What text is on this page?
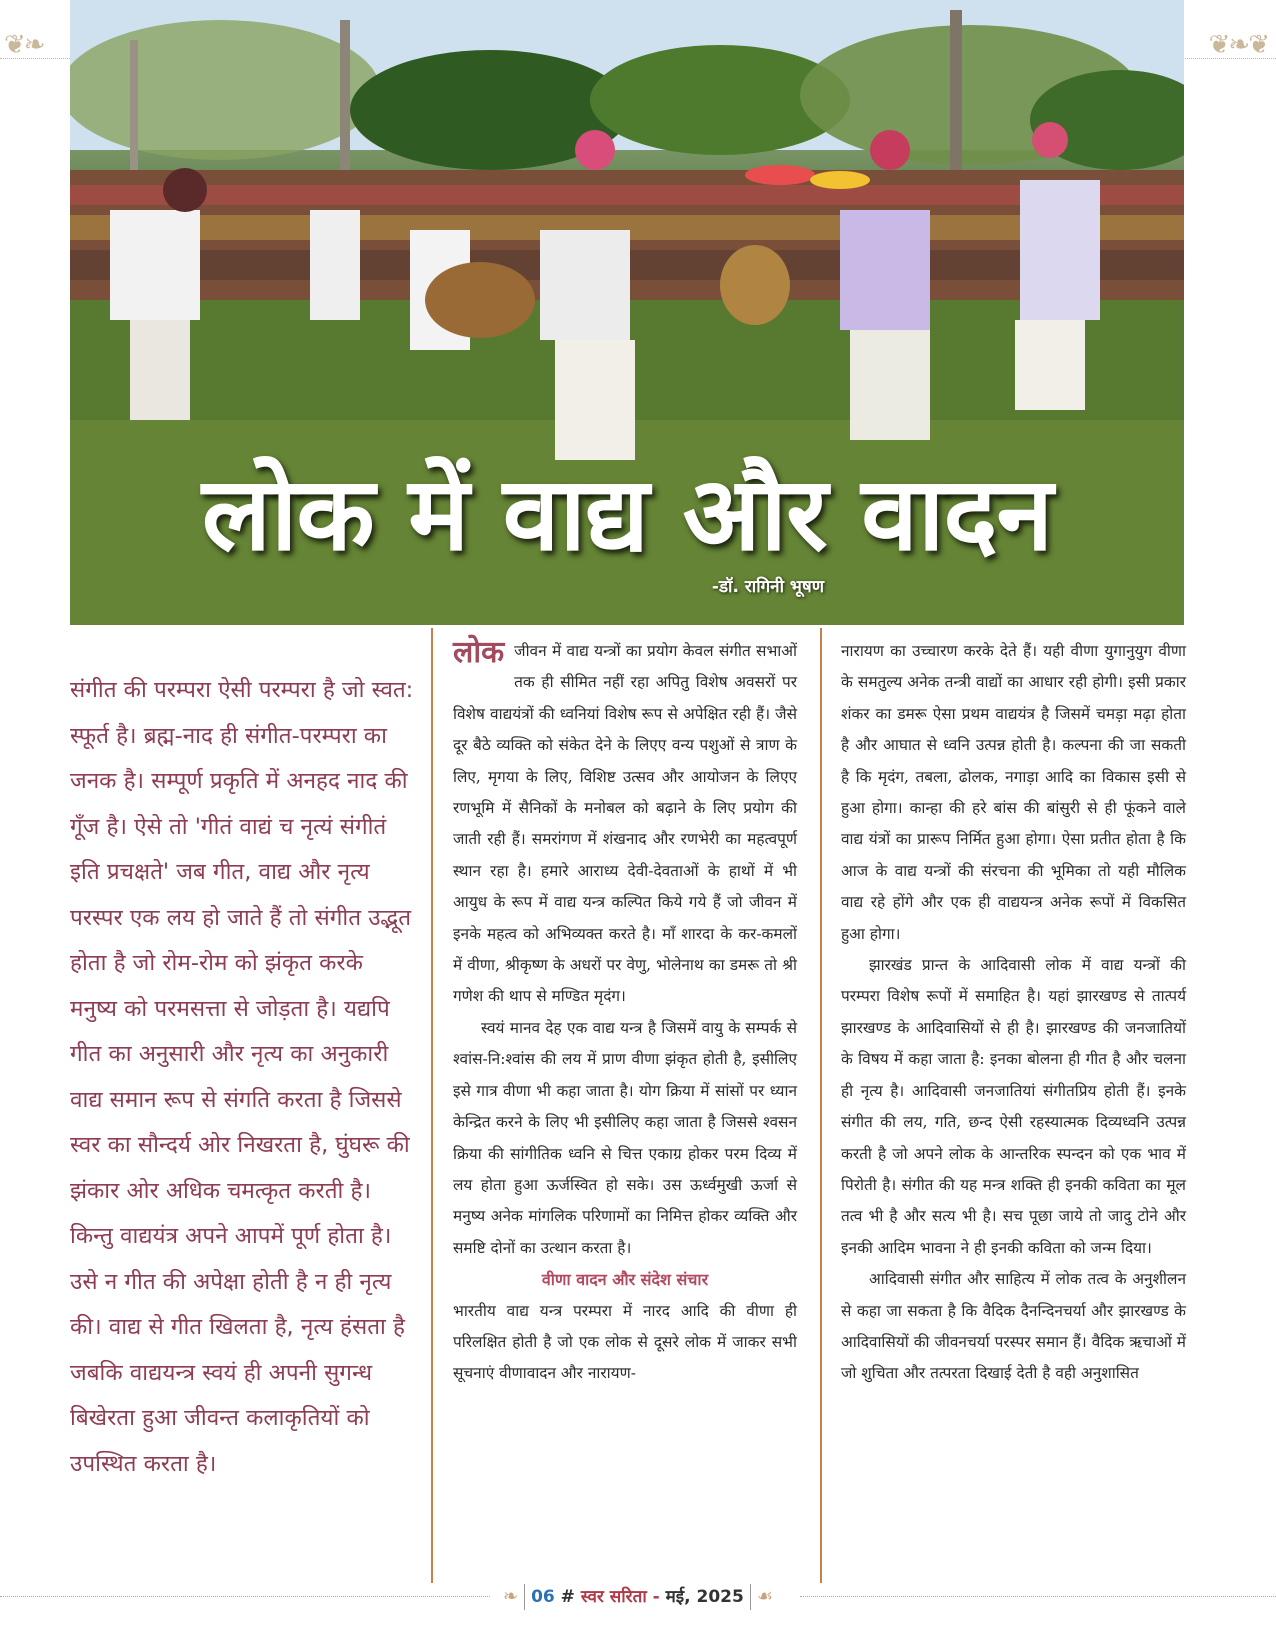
❦❧	❦❧❦
लोक में वाद्य और वादन
-डॉ. रागिनी भूषण
संगीत की परम्परा ऐसी परम्परा है जो स्वत: स्फूर्त है। ब्रह्म-नाद ही संगीत-परम्परा का जनक है। सम्पूर्ण प्रकृति में अनहद नाद की गूँज है। ऐसे तो 'गीतं वाद्यं च नृत्यं संगीतं इति प्रचक्षते' जब गीत, वाद्य और नृत्य परस्पर एक लय हो जाते हैं तो संगीत उद्भूत होता है जो रोम-रोम को झंकृत करके मनुष्य को परमसत्ता से जोड़ता है। यद्यपि गीत का अनुसारी और नृत्य का अनुकारी वाद्य समान रूप से संगति करता है जिससे स्वर का सौन्दर्य ओर निखरता है, घुंघरू की झंकार ओर अधिक चमत्कृत करती है। किन्तु वाद्ययंत्र अपने आपमें पूर्ण होता है। उसे न गीत की अपेक्षा होती है न ही नृत्य की। वाद्य से गीत खिलता है, नृत्य हंसता है जबकि वाद्ययन्त्र स्वयं ही अपनी सुगन्ध बिखेरता हुआ जीवन्त कलाकृतियों को उपस्थित करता है।

लोक जीवन में वाद्य यन्त्रों का प्रयोग केवल संगीत सभाओं तक ही सीमित नहीं रहा अपितु विशेष अवसरों पर विशेष वाद्ययंत्रों की ध्वनियां विशेष रूप से अपेक्षित रही हैं। जैसे दूर बैठे व्यक्ति को संकेत देने के लिएए वन्य पशुओं से त्राण के लिए, मृगया के लिए, विशिष्ट उत्सव और आयोजन के लिएए रणभूमि में सैनिकों के मनोबल को बढ़ाने के लिए प्रयोग की जाती रही हैं। समरांगण में शंखनाद और रणभेरी का महत्वपूर्ण स्थान रहा है। हमारे आराध्य देवी-देवताओं के हाथों में भी आयुध के रूप में वाद्य यन्त्र कल्पित किये गये हैं जो जीवन में इनके महत्व को अभिव्यक्त करते है। माँ शारदा के कर-कमलों में वीणा, श्रीकृष्ण के अधरों पर वेणु, भोलेनाथ का डमरू तो श्री गणेश की थाप से मण्डित मृदंग।

स्वयं मानव देह एक वाद्य यन्त्र है जिसमें वायु के सम्पर्क से श्वांस-नि:श्वांस की लय में प्राण वीणा झंकृत होती है, इसीलिए इसे गात्र वीणा भी कहा जाता है। योग क्रिया में सांसों पर ध्यान केन्द्रित करने के लिए भी इसीलिए कहा जाता है जिससे श्वसन क्रिया की सांगीतिक ध्वनि से चित्त एकाग्र होकर परम दिव्य में लय होता हुआ ऊर्जस्वित हो सके। उस ऊर्ध्वमुखी ऊर्जा से मनुष्य अनेक मांगलिक परिणामों का निमित्त होकर व्यक्ति और समष्टि दोनों का उत्थान करता है।

वीणा वादन और संदेश संचार

भारतीय वाद्य यन्त्र परम्परा में नारद आदि की वीणा ही परिलक्षित होती है जो एक लोक से दूसरे लोक में जाकर सभी सूचनाएं वीणावादन और नारायण-

नारायण का उच्चारण करके देते हैं। यही वीणा युगानुयुग वीणा के समतुल्य अनेक तन्त्री वाद्यों का आधार रही होगी। इसी प्रकार शंकर का डमरू ऐसा प्रथम वाद्ययंत्र है जिसमें चमड़ा मढ़ा होता है और आघात से ध्वनि उत्पन्न होती है। कल्पना की जा सकती है कि मृदंग, तबला, ढोलक, नगाड़ा आदि का विकास इसी से हुआ होगा। कान्हा की हरे बांस की बांसुरी से ही फूंकने वाले वाद्य यंत्रों का प्रारूप निर्मित हुआ होगा। ऐसा प्रतीत होता है कि आज के वाद्य यन्त्रों की संरचना की भूमिका तो यही मौलिक वाद्य रहे होंगे और एक ही वाद्ययन्त्र अनेक रूपों में विकसित हुआ होगा।

झारखंड प्रान्त के आदिवासी लोक में वाद्य यन्त्रों की परम्परा विशेष रूपों में समाहित है। यहां झारखण्ड से तात्पर्य झारखण्ड के आदिवासियों से ही है। झारखण्ड की जनजातियों के विषय में कहा जाता है: इनका बोलना ही गीत है और चलना ही नृत्य है। आदिवासी जनजातियां संगीतप्रिय होती हैं। इनके संगीत की लय, गति, छन्द ऐसी रहस्यात्मक दिव्यध्वनि उत्पन्न करती है जो अपने लोक के आन्तरिक स्पन्दन को एक भाव में पिरोती है। संगीत की यह मन्त्र शक्ति ही इनकी कविता का मूल तत्व भी है और सत्य भी है। सच पूछा जाये तो जादु टोने और इनकी आदिम भावना ने ही इनकी कविता को जन्म दिया।

आदिवासी संगीत और साहित्य में लोक तत्व के अनुशीलन से कहा जा सकता है कि वैदिक दैनन्दिनचर्या और झारखण्ड के आदिवासियों की जीवनचर्या परस्पर समान हैं। वैदिक ऋचाओं में जो शुचिता और तत्परता दिखाई देती है वही अनुशासित

❧ 06 # स्वर सरिता - मई, 2025 ☙
